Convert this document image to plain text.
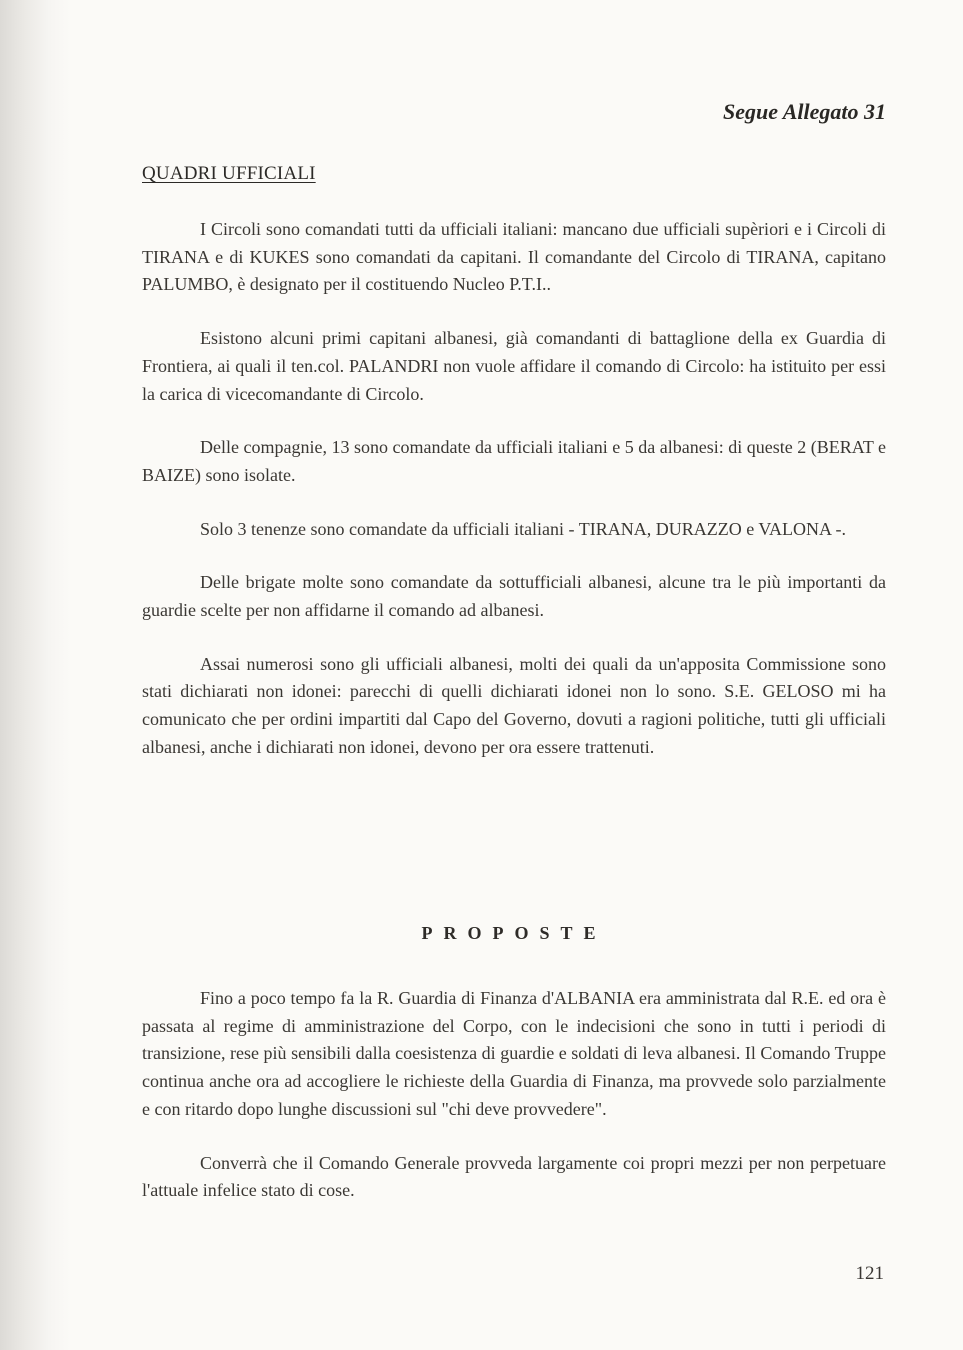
Segue Allegato 31

QUADRI UFFICIALI

I Circoli sono comandati tutti da ufficiali italiani: mancano due ufficiali supèriori e i Circoli di TIRANA e di KUKES sono comandati da capitani. Il comandante del Circolo di TIRANA, capitano PALUMBO, è designato per il costituendo Nucleo P.T.I..

Esistono alcuni primi capitani albanesi, già comandanti di battaglione della ex Guardia di Frontiera, ai quali il ten.col. PALANDRI non vuole affidare il comando di Circolo: ha istituito per essi la carica di vicecomandante di Circolo.

Delle compagnie, 13 sono comandate da ufficiali italiani e 5 da albanesi: di queste 2 (BERAT e BAIZE) sono isolate.

Solo 3 tenenze sono comandate da ufficiali italiani - TIRANA, DURAZZO e VALONA -.

Delle brigate molte sono comandate da sottufficiali albanesi, alcune tra le più importanti da guardie scelte per non affidarne il comando ad albanesi.

Assai numerosi sono gli ufficiali albanesi, molti dei quali da un'apposita Commissione sono stati dichiarati non idonei: parecchi di quelli dichiarati idonei non lo sono. S.E. GELOSO mi ha comunicato che per ordini impartiti dal Capo del Governo, dovuti a ragioni politiche, tutti gli ufficiali albanesi, anche i dichiarati non idonei, devono per ora essere trattenuti.

PROPOSTE

Fino a poco tempo fa la R. Guardia di Finanza d'ALBANIA era amministrata dal R.E. ed ora è passata al regime di amministrazione del Corpo, con le indecisioni che sono in tutti i periodi di transizione, rese più sensibili dalla coesistenza di guardie e soldati di leva albanesi. Il Comando Truppe continua anche ora ad accogliere le richieste della Guardia di Finanza, ma provvede solo parzialmente e con ritardo dopo lunghe discussioni sul "chi deve provvedere".

Converrà che il Comando Generale provveda largamente coi propri mezzi per non perpetuare l'attuale infelice stato di cose.

121
